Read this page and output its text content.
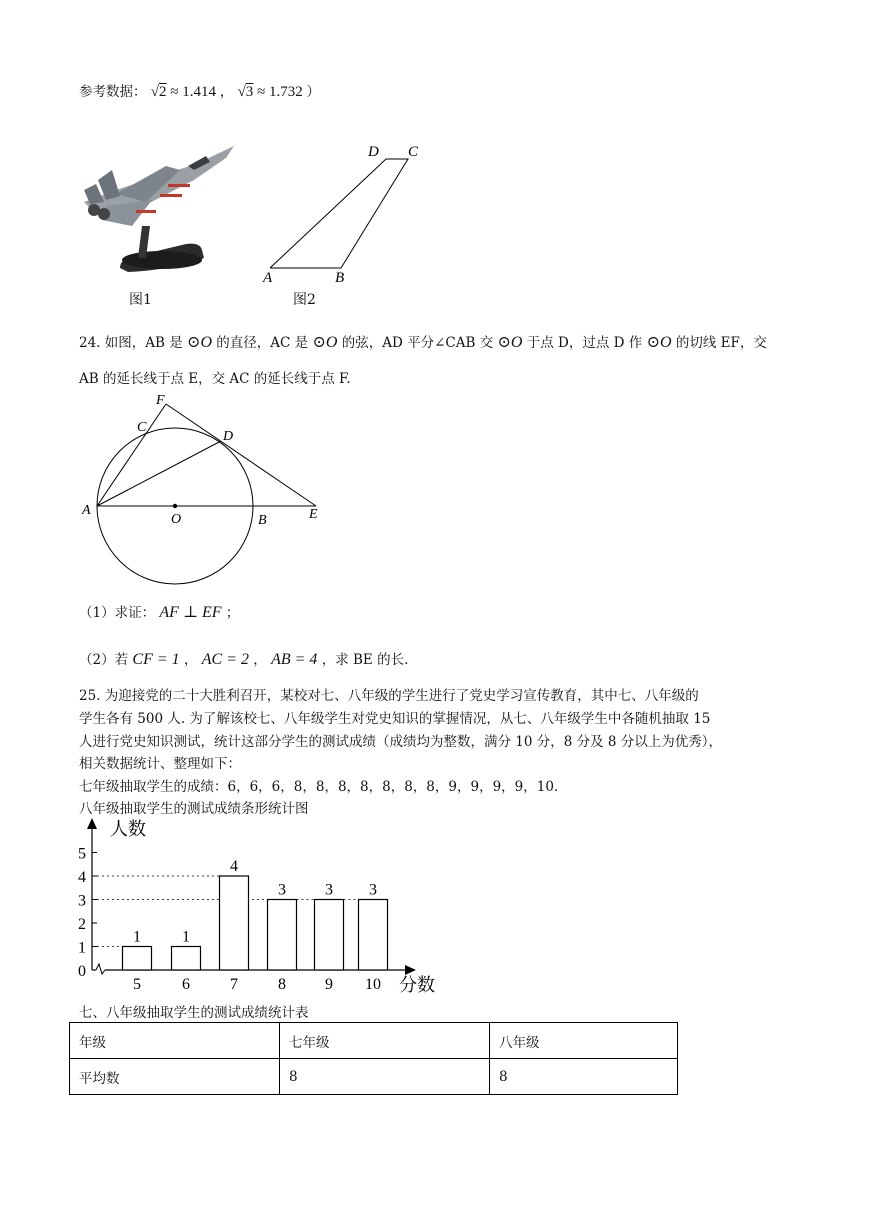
参考数据： √2 ≈ 1.414 ， √3 ≈ 1.732 ）
图1
D C
A	B
图2
24. 如图，AB 是 ⊙O 的直径，AC 是 ⊙O 的弦，AD 平分∠CAB 交 ⊙O 于点 D，过点 D 作 ⊙O 的切线 EF，交
AB 的延长线于点 E，交 AC 的延长线于点 F.
F
C
D
A
O	B	E
（1）求证： AF ⊥ EF ；
（2）若 CF = 1 ， AC = 2 ， AB = 4 ，求 BE 的长.
25. 为迎接党的二十大胜利召开，某校对七、八年级的学生进行了党史学习宣传教育，其中七、八年级的
学生各有 500 人. 为了解该校七、八年级学生对党史知识的掌握情况，从七、八年级学生中各随机抽取 15
人进行党史知识测试，统计这部分学生的测试成绩（成绩均为整数，满分 10 分，8 分及 8 分以上为优秀），
相关数据统计、整理如下：
七年级抽取学生的成绩：6，6，6，8，8，8，8，8，8，8，9，9，9，9，10.
八年级抽取学生的测试成绩条形统计图
人数
分数
0
1
2
3
4
5
1
5
1
6
4
7
3
8
3
9
3
10
七、八年级抽取学生的测试成绩统计表
年级	七年级	八年级
平均数	8	8
